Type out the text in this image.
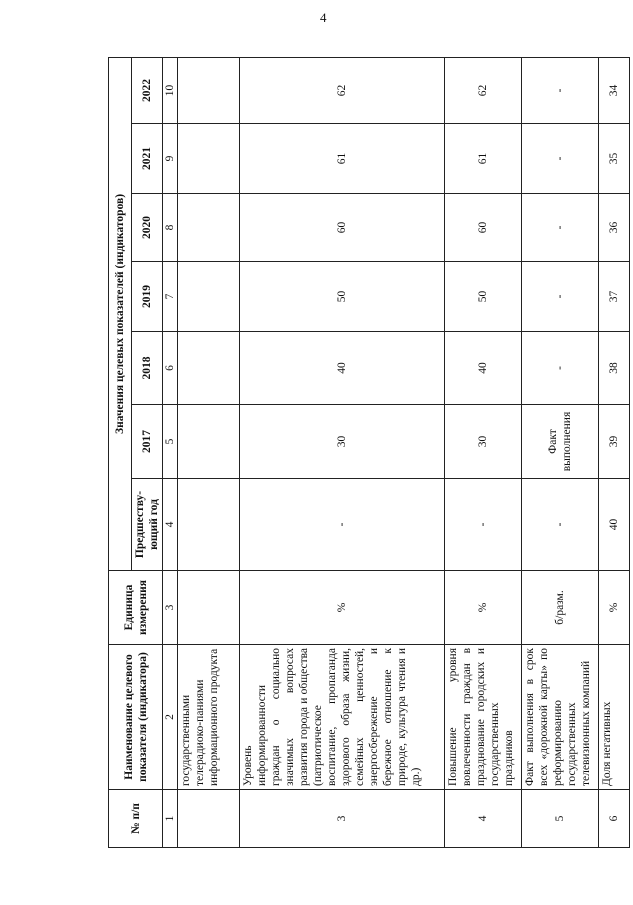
4
№ п/п	Наименование целевого показателя (индикатора)	Единица измерения	Значения целевых показателей (индикаторов)						
			Предшеству-ющий год	2017	2018	2019	2020	2021	2022
1	2	3	4	5	6	7	8	9	10
	государственными телерадиоко-паниями информационного продукта								
3	Уровень информированности граждан о социально значимых вопросах развития города и общества (патриотическое воспитание, пропаганда здорового образа жизни, семейных ценностей, энергосбережение и бережное отношение к природе, культура чтения и др.)	%	-	30	40	50	60	61	62
4	Повышение уровня вовлеченности граждан в празднование городских и государственных праздников	%	-	30	40	50	60	61	62
5	Факт выполнения в срок всех «дорожной карты» по реформированию государственных телевизионных компаний	б/разм.	-	Факт выполнения	-	-	-	-	-
6	Доля негативных	%	40	39	38	37	36	35	34
